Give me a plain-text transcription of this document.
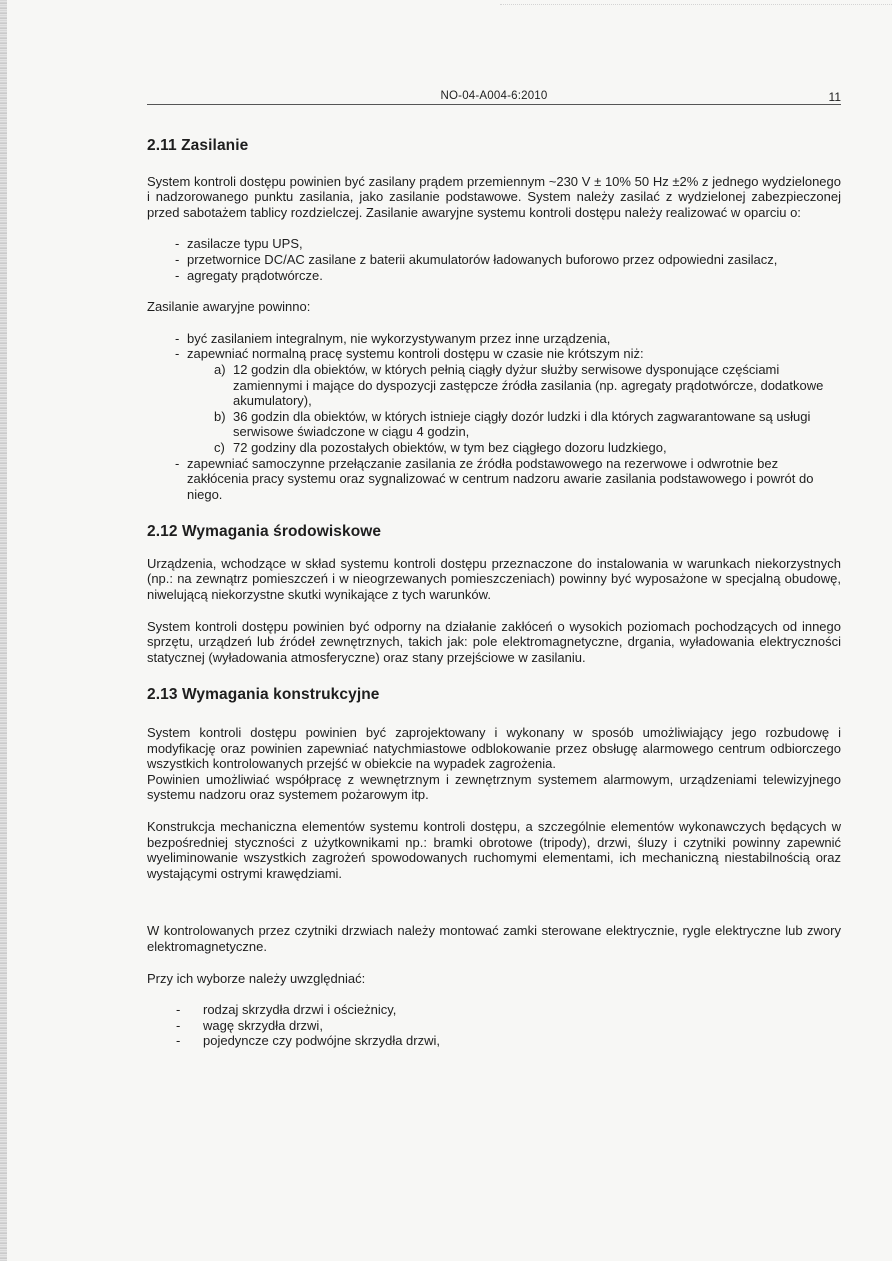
NO-04-A004-6:2010	11
2.11 Zasilanie

System kontroli dostępu powinien być zasilany prądem przemiennym ~230 V ± 10% 50 Hz ±2% z jednego wydzielonego i nadzorowanego punktu zasilania, jako zasilanie podstawowe. System należy zasilać z wydzielonej zabezpieczonej przed sabotażem tablicy rozdzielczej. Zasilanie awaryjne systemu kontroli dostępu należy realizować w oparciu o:

- zasilacze typu UPS,
- przetwornice DC/AC zasilane z baterii akumulatorów ładowanych buforowo przez odpowiedni zasilacz,
- agregaty prądotwórcze.

Zasilanie awaryjne powinno:

- być zasilaniem integralnym, nie wykorzystywanym przez inne urządzenia,
- zapewniać normalną pracę systemu kontroli dostępu w czasie nie krótszym niż:
a) 12 godzin dla obiektów, w których pełnią ciągły dyżur służby serwisowe dysponujące częściami zamiennymi i mające do dyspozycji zastępcze źródła zasilania (np. agregaty prądotwórcze, dodatkowe akumulatory),
b) 36 godzin dla obiektów, w których istnieje ciągły dozór ludzki i dla których zagwarantowane są usługi serwisowe świadczone w ciągu 4 godzin,
c) 72 godziny dla pozostałych obiektów, w tym bez ciągłego dozoru ludzkiego,
- zapewniać samoczynne przełączanie zasilania ze źródła podstawowego na rezerwowe i odwrotnie bez zakłócenia pracy systemu oraz sygnalizować w centrum nadzoru awarie zasilania podstawowego i powrót do niego.
2.12 Wymagania środowiskowe

Urządzenia, wchodzące w skład systemu kontroli dostępu przeznaczone do instalowania w warunkach niekorzystnych (np.: na zewnątrz pomieszczeń i w nieogrzewanych pomieszczeniach) powinny być wyposażone w specjalną obudowę, niwelującą niekorzystne skutki wynikające z tych warunków.

System kontroli dostępu powinien być odporny na działanie zakłóceń o wysokich poziomach pochodzących od innego sprzętu, urządzeń lub źródeł zewnętrznych, takich jak: pole elektromagnetyczne, drgania, wyładowania elektryczności statycznej (wyładowania atmosferyczne) oraz stany przejściowe w zasilaniu.

2.13 Wymagania konstrukcyjne

System kontroli dostępu powinien być zaprojektowany i wykonany w sposób umożliwiający jego rozbudowę i modyfikację oraz powinien zapewniać natychmiastowe odblokowanie przez obsługę alarmowego centrum odbiorczego wszystkich kontrolowanych przejść w obiekcie na wypadek zagrożenia.

Powinien umożliwiać współpracę z wewnętrznym i zewnętrznym systemem alarmowym, urządzeniami telewizyjnego systemu nadzoru oraz systemem pożarowym itp.

Konstrukcja mechaniczna elementów systemu kontroli dostępu, a szczególnie elementów wykonawczych będących w bezpośredniej styczności z użytkownikami np.: bramki obrotowe (tripody), drzwi, śluzy i czytniki powinny zapewnić wyeliminowanie wszystkich zagrożeń spowodowanych ruchomymi elementami, ich mechaniczną niestabilnością oraz wystającymi ostrymi krawędziami.

W kontrolowanych przez czytniki drzwiach należy montować zamki sterowane elektrycznie, rygle elektryczne lub zwory elektromagnetyczne.

Przy ich wyborze należy uwzględniać:

- rodzaj skrzydła drzwi i ościeżnicy,
- wagę skrzydła drzwi,
- pojedyncze czy podwójne skrzydła drzwi,
